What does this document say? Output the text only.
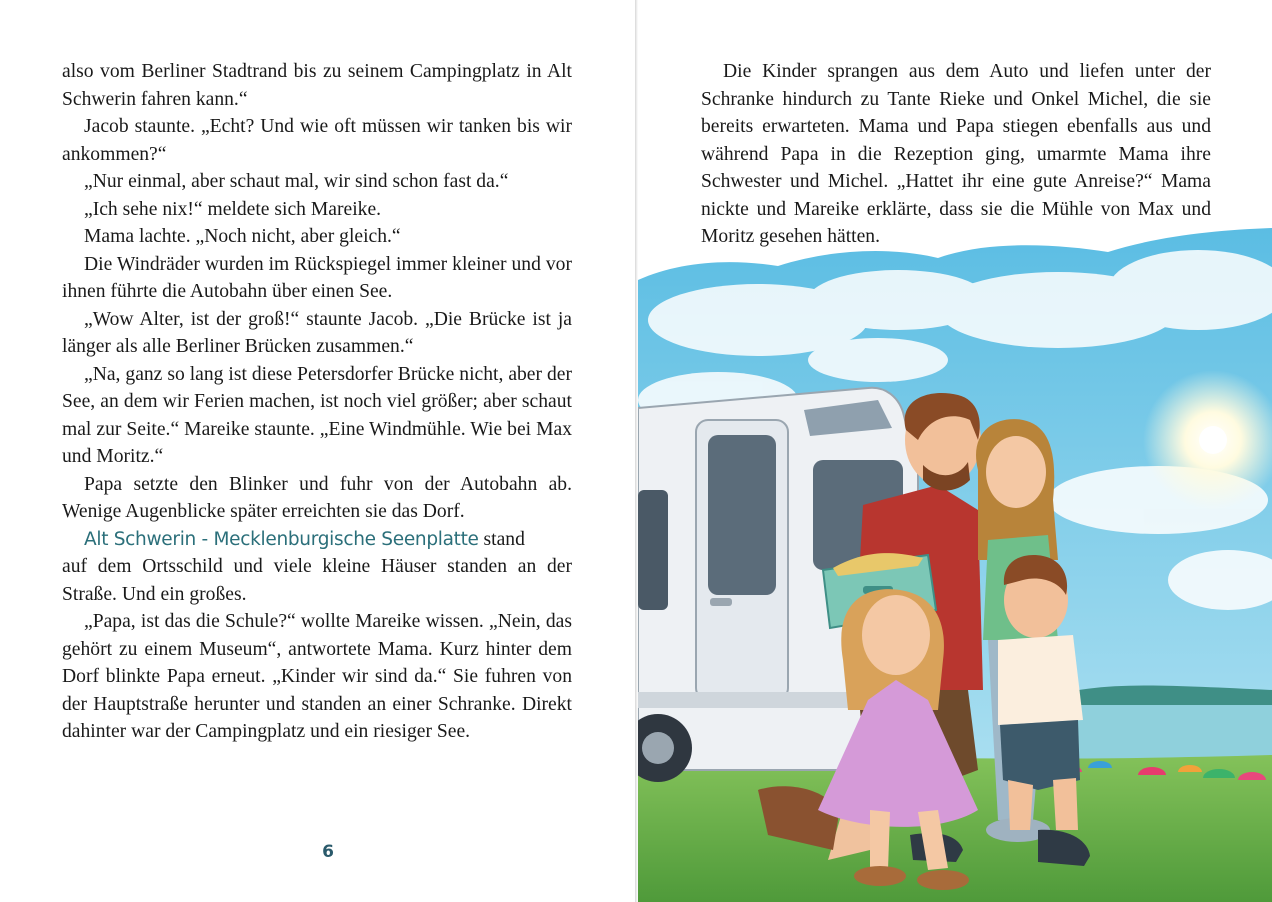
also vom Berliner Stadtrand bis zu seinem Campingplatz in Alt Schwerin fahren kann.“

Jacob staunte. „Echt? Und wie oft müssen wir tanken bis wir ankommen?“

„Nur einmal, aber schaut mal, wir sind schon fast da.“

„Ich sehe nix!“ meldete sich Mareike.

Mama lachte. „Noch nicht, aber gleich.“

Die Windräder wurden im Rückspiegel immer kleiner und vor ihnen führte die Autobahn über einen See.

„Wow Alter, ist der groß!“ staunte Jacob. „Die Brücke ist ja länger als alle Berliner Brücken zusammen.“

„Na, ganz so lang ist diese Petersdorfer Brücke nicht, aber der See, an dem wir Ferien machen, ist noch viel größer; aber schaut mal zur Seite.“ Mareike staunte. „Eine Windmühle. Wie bei Max und Moritz.“

Papa setzte den Blinker und fuhr von der Autobahn ab. Wenige Augenblicke später erreichten sie das Dorf.

Alt Schwerin - Mecklenburgische Seenplatte stand

auf dem Ortsschild und viele kleine Häuser standen an der Straße. Und ein großes.

„Papa, ist das die Schule?“ wollte Mareike wissen. „Nein, das gehört zu einem Museum“, antwortete Mama. Kurz hinter dem Dorf blinkte Papa erneut. „Kinder wir sind da.“ Sie fuhren von der Hauptstraße herunter und standen an einer Schranke. Direkt dahinter war der Campingplatz und ein riesiger See.

6

Die Kinder sprangen aus dem Auto und liefen unter der Schranke hindurch zu Tante Rieke und Onkel Michel, die sie bereits erwarteten. Mama und Papa stiegen ebenfalls aus und während Papa in die Rezeption ging, umarmte Mama ihre Schwester und Michel. „Hattet ihr eine gute Anreise?“ Mama nickte und Mareike erklärte, dass sie die Mühle von Max und Moritz gesehen hätten.
